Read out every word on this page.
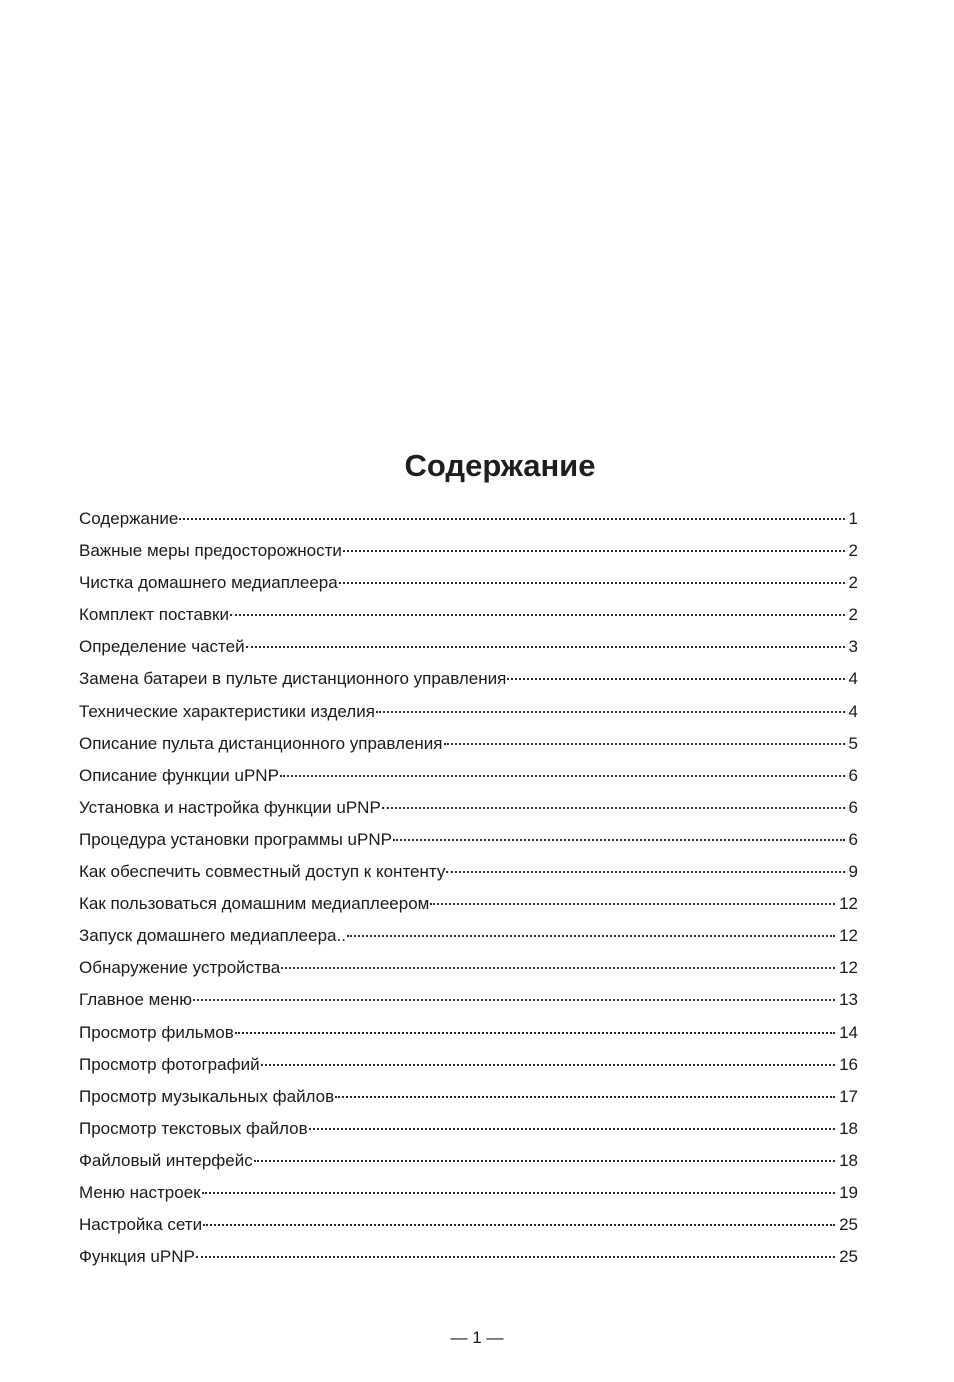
Содержание
Содержание	1
Важные меры предосторожности	2
Чистка домашнего медиаплеера	2
Комплект поставки	2
Определение частей	3
Замена батареи в пульте дистанционного управления	4
Технические характеристики изделия	4
Описание пульта дистанционного управления	5
Описание функции uPNP	6
Установка и настройка функции uPNP	6
Процедура установки программы uPNP	6
Как обеспечить совместный доступ к контенту	9
Как пользоваться домашним медиаплеером	12
Запуск домашнего медиаплеера..	12
Обнаружение устройства	12
Главное меню	13
Просмотр фильмов	14
Просмотр фотографий	16
Просмотр музыкальных файлов	17
Просмотр текстовых файлов	18
Файловый интерфейс	18
Меню настроек	19
Настройка сети	25
Функция uPNP	25
— 1 —
